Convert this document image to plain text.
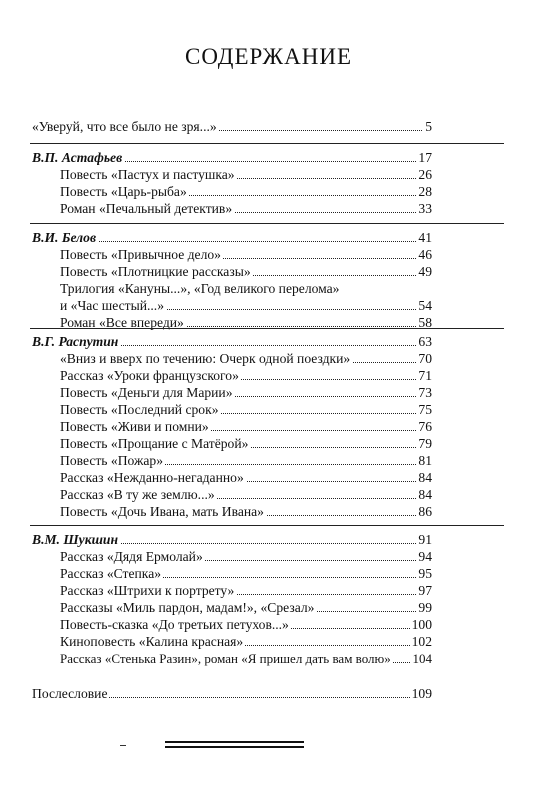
СОДЕРЖАНИЕ
«Уверуй, что все было не зря...»	5
В.П. Астафьев	17
Повесть «Пастух и пастушка»	26
Повесть «Царь-рыба»	28
Роман «Печальный детектив»	33
В.И. Белов	41
Повесть «Привычное дело»	46
Повесть «Плотницкие рассказы»	49
Трилогия «Кануны...», «Год великого перелома»
и «Час шестый...»	54
Роман «Все впереди»	58
В.Г. Распутин	63
«Вниз и вверх по течению: Очерк одной поездки»	70
Рассказ «Уроки французского»	71
Повесть «Деньги для Марии»	73
Повесть «Последний срок»	75
Повесть «Живи и помни»	76
Повесть «Прощание с Матёрой»	79
Повесть «Пожар»	81
Рассказ «Нежданно-негаданно»	84
Рассказ «В ту же землю...»	84
Повесть «Дочь Ивана, мать Ивана»	86
В.М. Шукшин	91
Рассказ «Дядя Ермолай»	94
Рассказ «Степка»	95
Рассказ «Штрихи к портрету»	97
Рассказы «Миль пардон, мадам!», «Срезал»	99
Повесть-сказка «До третьих петухов...»	100
Киноповесть «Калина красная»	102
Рассказ «Стенька Разин», роман «Я пришел дать вам волю» 104
Послесловие	109
